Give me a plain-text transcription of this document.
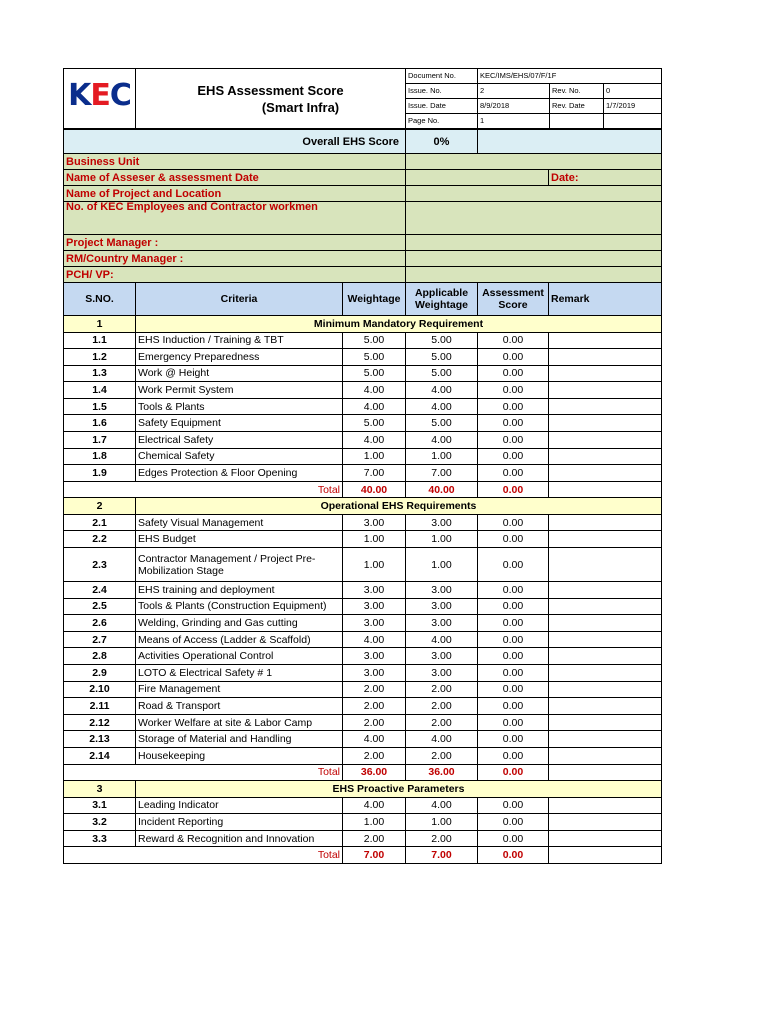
KEC	EHS Assessment Score
(Smart Infra)	Document No.	KEC/IMS/EHS/07/F/1F		
		Issue. No.	2	Rev. No.	0
		Issue. Date	8/9/2018	Rev. Date	1/7/2019
		Page No.	1		
Overall EHS Score			0%		
Business Unit					
Name of Asseser & assessment Date					Date:
Name of Project and Location					
No. of KEC Employees and Contractor workmen					
Project Manager :					
RM/Country Manager :					
PCH/ VP:					
S.NO.	Criteria	Weightage	Applicable Weightage	Assessment Score	Remark
1	Minimum Mandatory Requirement				
1.1	EHS Induction / Training & TBT	5.00	5.00	0.00	
1.2	Emergency Preparedness	5.00	5.00	0.00	
1.3	Work @ Height	5.00	5.00	0.00	
1.4	Work Permit System	4.00	4.00	0.00	
1.5	Tools & Plants	4.00	4.00	0.00	
1.6	Safety Equipment	5.00	5.00	0.00	
1.7	Electrical Safety	4.00	4.00	0.00	
1.8	Chemical Safety	1.00	1.00	0.00	
1.9	Edges Protection & Floor Opening	7.00	7.00	0.00	
Total		40.00	40.00	0.00	
2	Operational EHS Requirements				
2.1	Safety Visual Management	3.00	3.00	0.00	
2.2	EHS Budget	1.00	1.00	0.00	
2.3	Contractor Management / Project Pre-Mobilization Stage	1.00	1.00	0.00	
2.4	EHS training and deployment	3.00	3.00	0.00	
2.5	Tools & Plants (Construction Equipment)	3.00	3.00	0.00	
2.6	Welding, Grinding and Gas cutting	3.00	3.00	0.00	
2.7	Means of Access (Ladder & Scaffold)	4.00	4.00	0.00	
2.8	Activities Operational Control	3.00	3.00	0.00	
2.9	LOTO & Electrical Safety # 1	3.00	3.00	0.00	
2.10	Fire Management	2.00	2.00	0.00	
2.11	Road & Transport	2.00	2.00	0.00	
2.12	Worker Welfare at site & Labor Camp	2.00	2.00	0.00	
2.13	Storage of Material and Handling	4.00	4.00	0.00	
2.14	Housekeeping	2.00	2.00	0.00	
Total		36.00	36.00	0.00	
3	EHS Proactive Parameters				
3.1	Leading Indicator	4.00	4.00	0.00	
3.2	Incident Reporting	1.00	1.00	0.00	
3.3	Reward & Recognition and Innovation	2.00	2.00	0.00	
Total		7.00	7.00	0.00	
